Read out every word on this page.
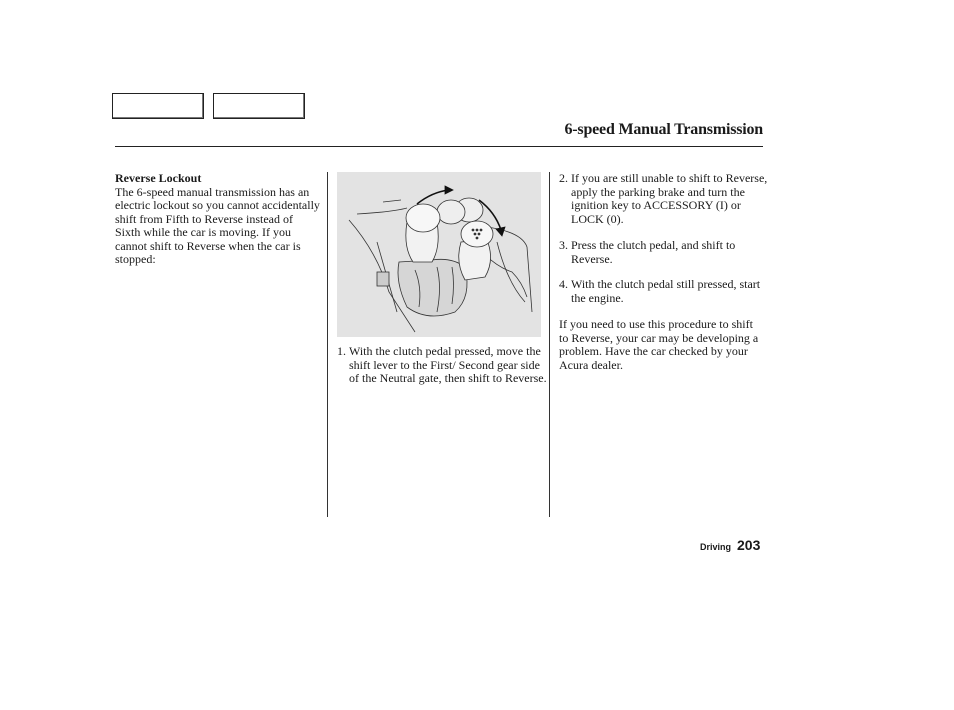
6-speed Manual Transmission
Reverse Lockout
The 6-speed manual transmission has an electric lockout so you cannot accidentally shift from Fifth to Reverse instead of Sixth while the car is moving. If you cannot shift to Reverse when the car is stopped:
1. With the clutch pedal pressed, move the shift lever to the First/ Second gear side of the Neutral gate, then shift to Reverse.
2. If you are still unable to shift to Reverse, apply the parking brake and turn the ignition key to ACCESSORY (I) or LOCK (0).
3. Press the clutch pedal, and shift to Reverse.
4. With the clutch pedal still pressed, start the engine.
If you need to use this procedure to shift to Reverse, your car may be developing a problem. Have the car checked by your Acura dealer.
Driving 203
